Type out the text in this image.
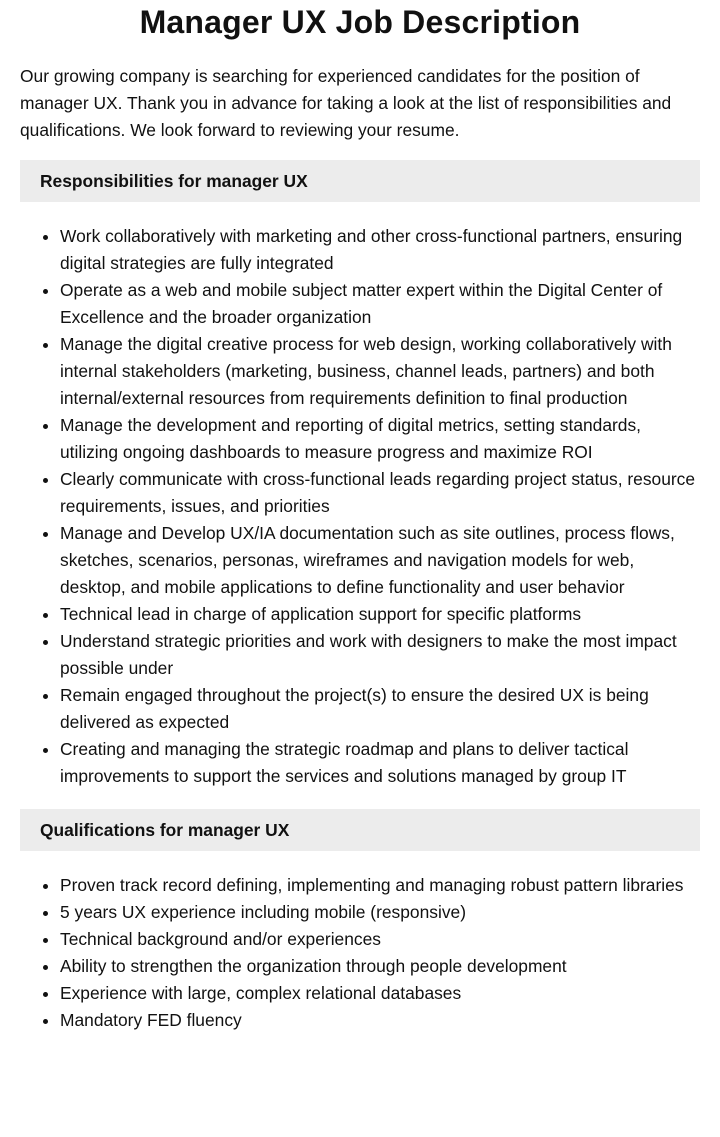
Manager UX Job Description

Our growing company is searching for experienced candidates for the position of manager UX. Thank you in advance for taking a look at the list of responsibilities and qualifications. We look forward to reviewing your resume.

Responsibilities for manager UX
• Work collaboratively with marketing and other cross-functional partners, ensuring digital strategies are fully integrated
• Operate as a web and mobile subject matter expert within the Digital Center of Excellence and the broader organization
• Manage the digital creative process for web design, working collaboratively with internal stakeholders (marketing, business, channel leads, partners) and both internal/external resources from requirements definition to final production
• Manage the development and reporting of digital metrics, setting standards, utilizing ongoing dashboards to measure progress and maximize ROI
• Clearly communicate with cross-functional leads regarding project status, resource requirements, issues, and priorities
• Manage and Develop UX/IA documentation such as site outlines, process flows, sketches, scenarios, personas, wireframes and navigation models for web, desktop, and mobile applications to define functionality and user behavior
• Technical lead in charge of application support for specific platforms
• Understand strategic priorities and work with designers to make the most impact possible under
• Remain engaged throughout the project(s) to ensure the desired UX is being delivered as expected
• Creating and managing the strategic roadmap and plans to deliver tactical improvements to support the services and solutions managed by group IT
Qualifications for manager UX
• Proven track record defining, implementing and managing robust pattern libraries
• 5 years UX experience including mobile (responsive)
• Technical background and/or experiences
• Ability to strengthen the organization through people development
• Experience with large, complex relational databases
• Mandatory FED fluency
